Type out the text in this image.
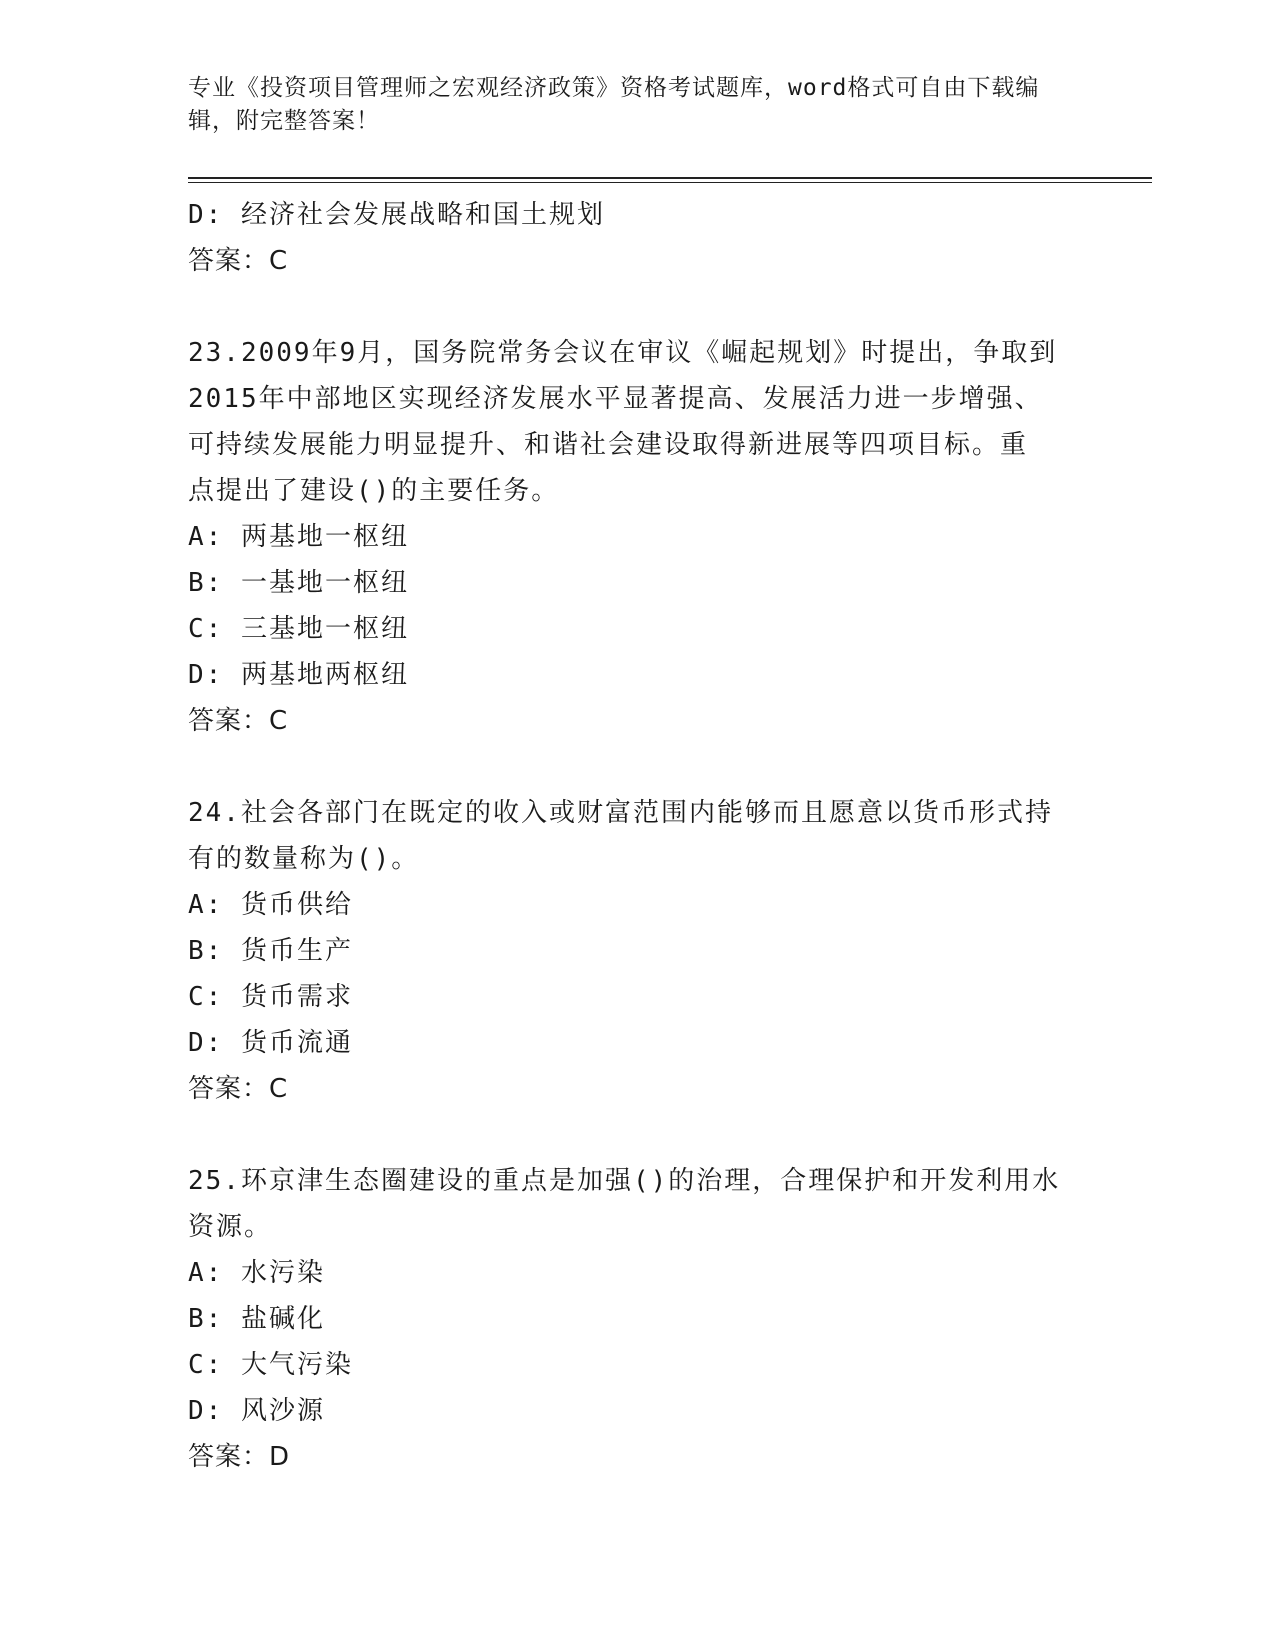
专业《投资项目管理师之宏观经济政策》资格考试题库，word格式可自由下载编
辑，附完整答案！
D: 经济社会发展战略和国土规划
答案：C
23.2009年9月，国务院常务会议在审议《崛起规划》时提出，争取到
2015年中部地区实现经济发展水平显著提高、发展活力进一步增强、
可持续发展能力明显提升、和谐社会建设取得新进展等四项目标。重
点提出了建设()的主要任务。
A: 两基地一枢纽
B: 一基地一枢纽
C: 三基地一枢纽
D: 两基地两枢纽
答案：C
24.社会各部门在既定的收入或财富范围内能够而且愿意以货币形式持
有的数量称为()。
A: 货币供给
B: 货币生产
C: 货币需求
D: 货币流通
答案：C
25.环京津生态圈建设的重点是加强()的治理，合理保护和开发利用水
资源。
A: 水污染
B: 盐碱化
C: 大气污染
D: 风沙源
答案：D
